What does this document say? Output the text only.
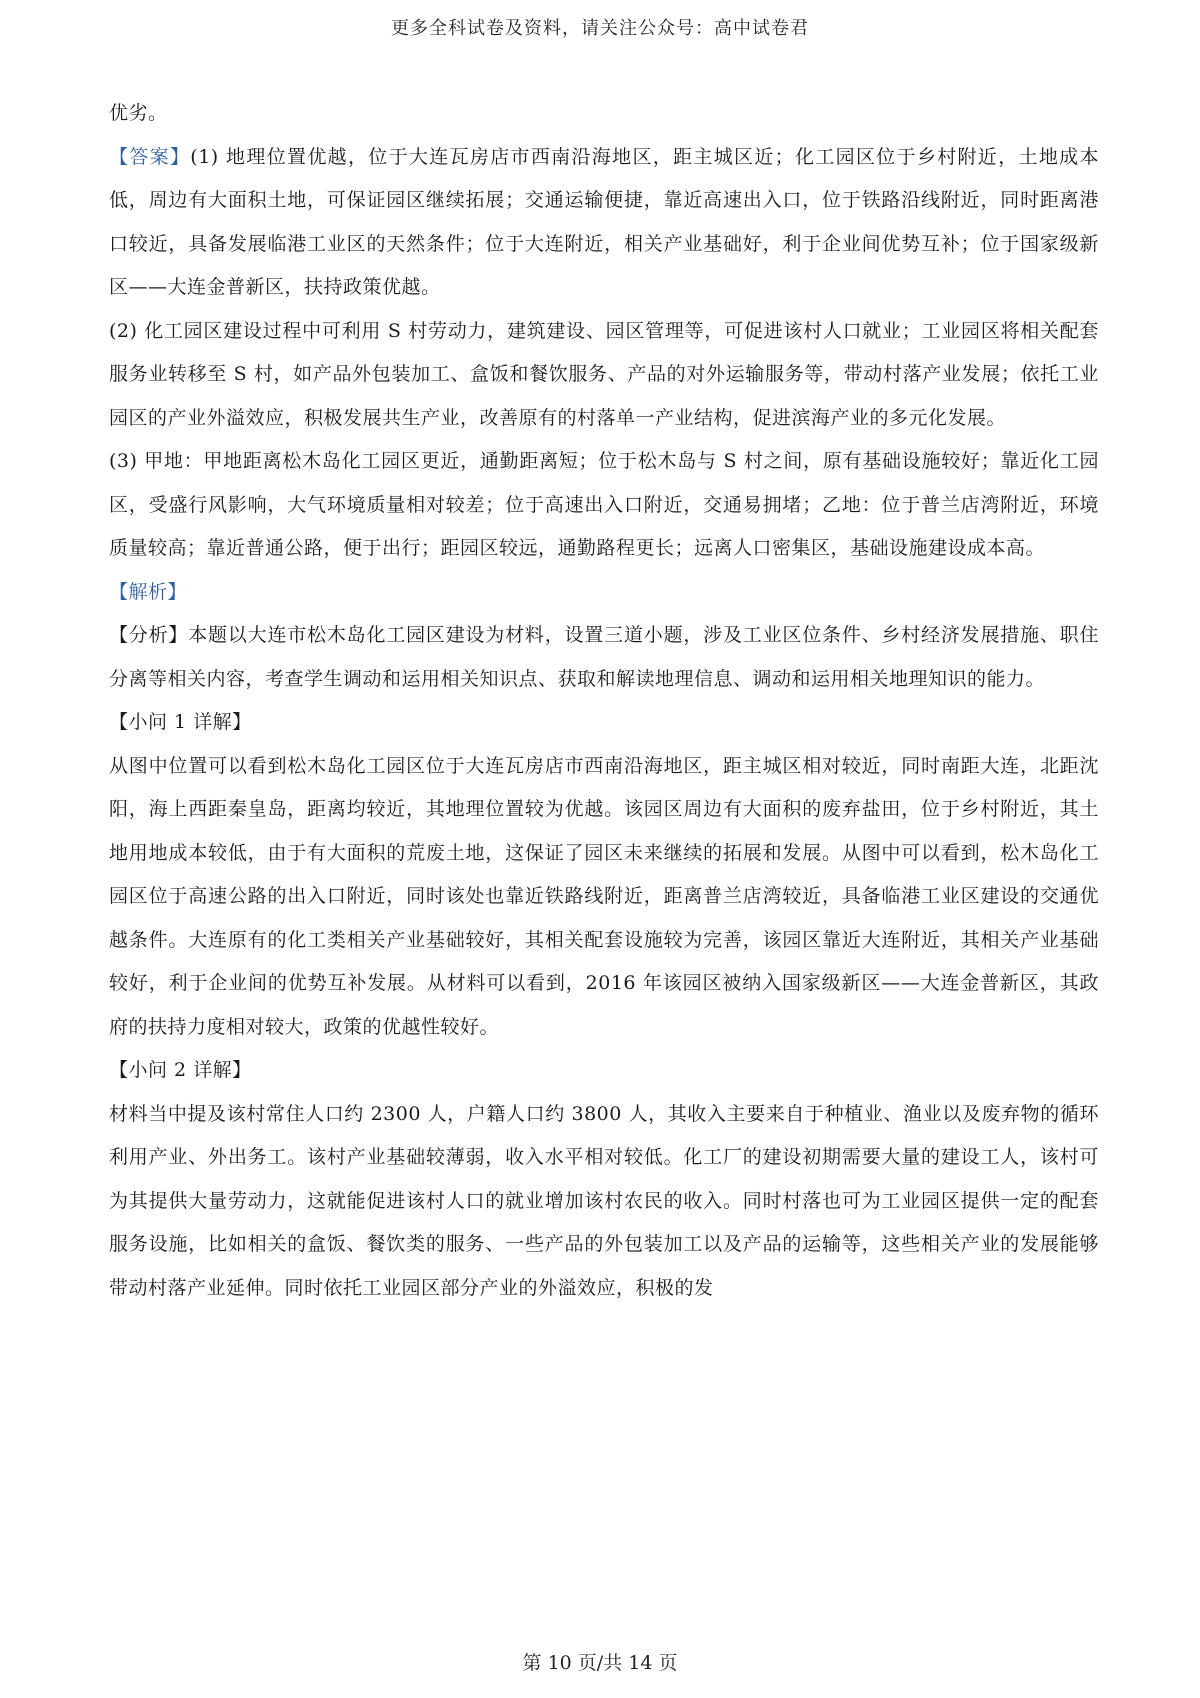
更多全科试卷及资料，请关注公众号：高中试卷君

优劣。

【答案】(1) 地理位置优越，位于大连瓦房店市西南沿海地区，距主城区近；化工园区位于乡村附近，土地成本低，周边有大面积土地，可保证园区继续拓展；交通运输便捷，靠近高速出入口，位于铁路沿线附近，同时距离港口较近，具备发展临港工业区的天然条件；位于大连附近，相关产业基础好，利于企业间优势互补；位于国家级新区——大连金普新区，扶持政策优越。

(2) 化工园区建设过程中可利用 S 村劳动力，建筑建设、园区管理等，可促进该村人口就业；工业园区将相关配套服务业转移至 S 村，如产品外包装加工、盒饭和餐饮服务、产品的对外运输服务等，带动村落产业发展；依托工业园区的产业外溢效应，积极发展共生产业，改善原有的村落单一产业结构，促进滨海产业的多元化发展。

(3) 甲地：甲地距离松木岛化工园区更近，通勤距离短；位于松木岛与 S 村之间，原有基础设施较好；靠近化工园区，受盛行风影响，大气环境质量相对较差；位于高速出入口附近，交通易拥堵；乙地：位于普兰店湾附近，环境质量较高；靠近普通公路，便于出行；距园区较远，通勤路程更长；远离人口密集区，基础设施建设成本高。

【解析】

【分析】本题以大连市松木岛化工园区建设为材料，设置三道小题，涉及工业区位条件、乡村经济发展措施、职住分离等相关内容，考查学生调动和运用相关知识点、获取和解读地理信息、调动和运用相关地理知识的能力。

【小问 1 详解】

从图中位置可以看到松木岛化工园区位于大连瓦房店市西南沿海地区，距主城区相对较近，同时南距大连，北距沈阳，海上西距秦皇岛，距离均较近，其地理位置较为优越。该园区周边有大面积的废弃盐田，位于乡村附近，其土地用地成本较低，由于有大面积的荒废土地，这保证了园区未来继续的拓展和发展。从图中可以看到，松木岛化工园区位于高速公路的出入口附近，同时该处也靠近铁路线附近，距离普兰店湾较近，具备临港工业区建设的交通优越条件。大连原有的化工类相关产业基础较好，其相关配套设施较为完善，该园区靠近大连附近，其相关产业基础较好，利于企业间的优势互补发展。从材料可以看到，2016 年该园区被纳入国家级新区——大连金普新区，其政府的扶持力度相对较大，政策的优越性较好。

【小问 2 详解】

材料当中提及该村常住人口约 2300 人，户籍人口约 3800 人，其收入主要来自于种植业、渔业以及废弃物的循环利用产业、外出务工。该村产业基础较薄弱，收入水平相对较低。化工厂的建设初期需要大量的建设工人，该村可为其提供大量劳动力，这就能促进该村人口的就业增加该村农民的收入。同时村落也可为工业园区提供一定的配套服务设施，比如相关的盒饭、餐饮类的服务、一些产品的外包装加工以及产品的运输等，这些相关产业的发展能够带动村落产业延伸。同时依托工业园区部分产业的外溢效应，积极的发

第 10 页/共 14 页
